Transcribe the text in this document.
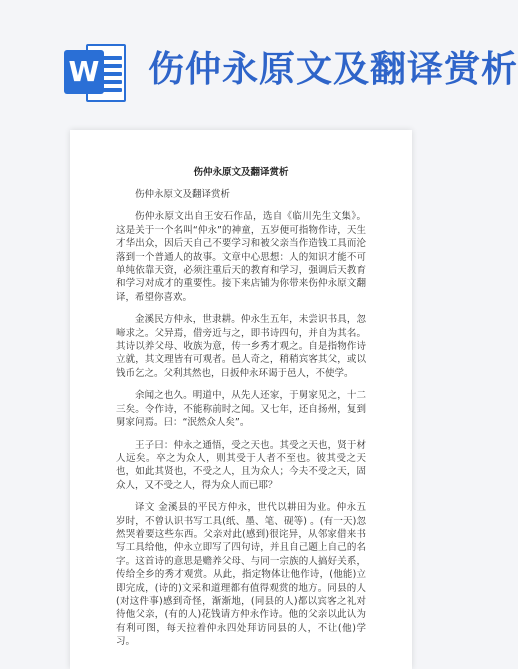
W 伤仲永原文及翻译赏析
伤仲永原文及翻译赏析

伤仲永原文及翻译赏析

伤仲永原文出自王安石作品，选自《临川先生文集》。这是关于一个名叫“仲永”的神童，五岁便可指物作诗，天生才华出众，因后天自己不要学习和被父亲当作造钱工具而沦落到一个普通人的故事。文章中心思想：人的知识才能不可单纯依靠天资，必须注重后天的教育和学习，强调后天教育和学习对成才的重要性。接下来店铺为你带来伤仲永原文翻译，希望你喜欢。

金溪民方仲永，世隶耕。仲永生五年，未尝识书具，忽啼求之。父异焉，借旁近与之，即书诗四句，并自为其名。其诗以养父母、收族为意，传一乡秀才观之。自是指物作诗立就，其文理皆有可观者。邑人奇之，稍稍宾客其父，或以钱币乞之。父利其然也，日扳仲永环谒于邑人，不使学。

余闻之也久。明道中，从先人还家，于舅家见之，十二三矣。令作诗，不能称前时之闻。又七年，还自扬州，复到舅家问焉。曰：“泯然众人矣”。

王子曰：仲永之通悟，受之天也。其受之天也，贤于材人远矣。卒之为众人，则其受于人者不至也。彼其受之天也，如此其贤也，不受之人，且为众人；今夫不受之天，固众人，又不受之人，得为众人而已耶？

译文 金溪县的平民方仲永，世代以耕田为业。仲永五岁时，不曾认识书写工具(纸、墨、笔、砚等) 。(有一天)忽然哭着要这些东西。父亲对此(感到)很诧异，从邻家借来书写工具给他，仲永立即写了四句诗，并且自己题上自己的名字。这首诗的意思是赡养父母、与同一宗族的人搞好关系，传给全乡的秀才观赏。从此，指定物体让他作诗，(他能)立即完成，(诗的)文采和道理都有值得观赏的地方。同县的人(对这件事)感到奇怪，渐渐地，(同县的人)都以宾客之礼对待他父亲，(有的人)花钱请方仲永作诗。他的父亲以此认为有利可图，每天拉着仲永四处拜访同县的人，不让(他)学习。
